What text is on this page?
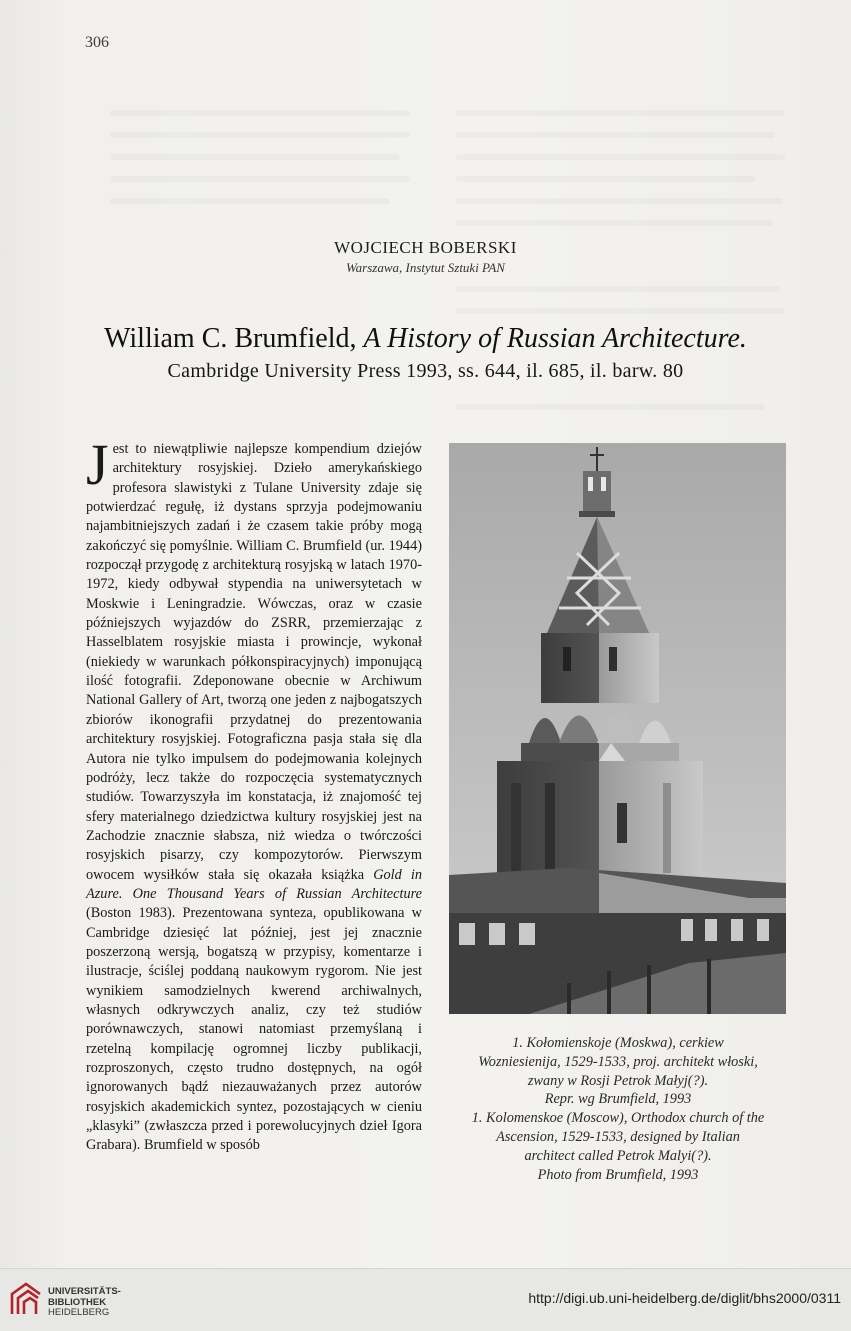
306
WOJCIECH BOBERSKI
Warszawa, Instytut Sztuki PAN
William C. Brumfield, A History of Russian Architecture.
Cambridge University Press 1993, ss. 644, il. 685, il. barw. 80
Jest to niewątpliwie najlepsze kompendium dziejów architektury rosyjskiej. Dzieło amerykańskiego profesora slawistyki z Tulane University zdaje się potwierdzać regułę, iż dystans sprzyja podejmowaniu najambitniejszych zadań i że czasem takie próby mogą zakończyć się pomyślnie. William C. Brumfield (ur. 1944) rozpoczął przygodę z architekturą rosyjską w latach 1970-1972, kiedy odbywał stypendia na uniwersytetach w Moskwie i Leningradzie. Wówczas, oraz w czasie późniejszych wyjazdów do ZSRR, przemierzając z Hasselblatem rosyjskie miasta i prowincje, wykonał (niekiedy w warunkach półkonspiracyjnych) imponującą ilość fotografii. Zdeponowane obecnie w Archiwum National Gallery of Art, tworzą one jeden z najbogatszych zbiorów ikonografii przydatnej do prezentowania architektury rosyjskiej. Fotograficzna pasja stała się dla Autora nie tylko impulsem do podejmowania kolejnych podróży, lecz także do rozpoczęcia systematycznych studiów. Towarzyszyła im konstatacja, iż znajomość tej sfery materialnego dziedzictwa kultury rosyjskiej jest na Zachodzie znacznie słabsza, niż wiedza o twórczości rosyjskich pisarzy, czy kompozytorów. Pierwszym owocem wysiłków stała się okazała książka Gold in Azure. One Thousand Years of Russian Architecture (Boston 1983). Prezentowana synteza, opublikowana w Cambridge dziesięć lat później, jest jej znacznie poszerzoną wersją, bogatszą w przypisy, komentarze i ilustracje, ściślej poddaną naukowym rygorom. Nie jest wynikiem samodzielnych kwerend archiwalnych, własnych odkrywczych analiz, czy też studiów porównawczych, stanowi natomiast przemyślaną i rzetelną kompilację ogromnej liczby publikacji, rozproszonych, często trudno dostępnych, na ogół ignorowanych bądź niezauważanych przez autorów rosyjskich akademickich syntez, pozostających w cieniu „klasyki” (zwłaszcza przed i porewolucyjnych dzieł Igora Grabara). Brumfield w sposób
1. Kołomienskoje (Moskwa), cerkiew
Wozniesienija, 1529-1533, proj. architekt włoski,
zwany w Rosji Petrok Małyj(?).
Repr. wg Brumfield, 1993
1. Kolomenskoe (Moscow), Orthodox church of the
Ascension, 1529-1533, designed by Italian
architect called Petrok Malyi(?).
Photo from Brumfield, 1993
UNIVERSITÄTS-
BIBLIOTHEK
HEIDELBERG
http://digi.ub.uni-heidelberg.de/diglit/bhs2000/0311
